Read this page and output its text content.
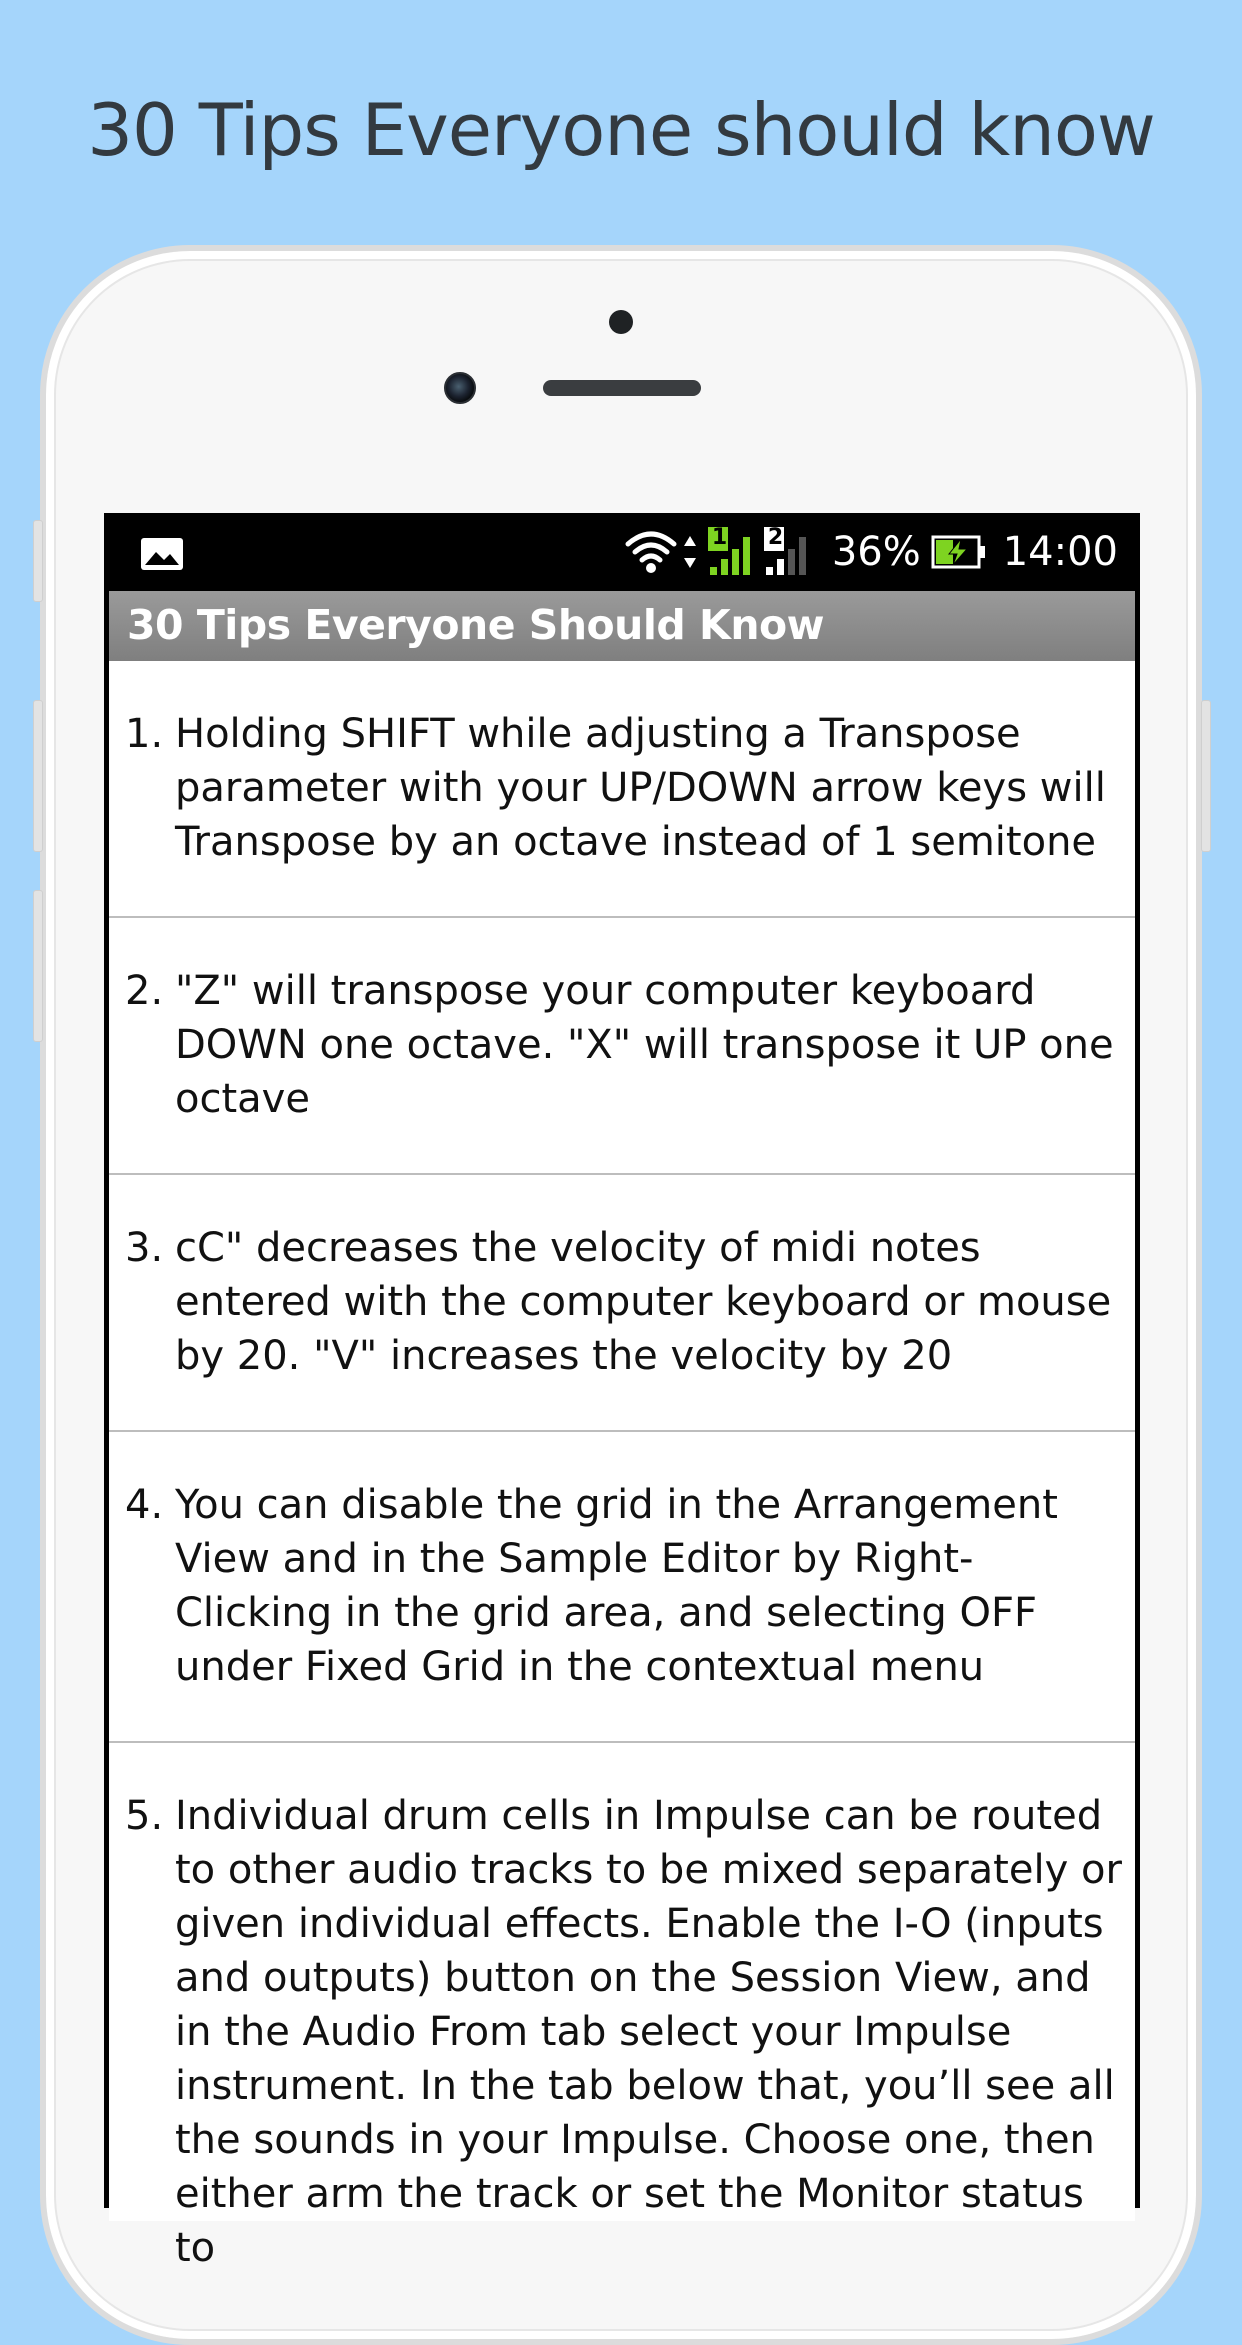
30 Tips Everyone should know
1 2 36% 14:00
30 Tips Everyone Should Know
1. Holding SHIFT while adjusting a Transpose parameter with your UP/DOWN arrow keys will Transpose by an octave instead of 1 semitone
2. "Z" will transpose your computer keyboard DOWN one octave. "X" will transpose it UP one octave
3. cC" decreases the velocity of midi notes entered with the computer keyboard or mouse by 20. "V" increases the velocity by 20
4. You can disable the grid in the Arrangement View and in the Sample Editor by Right-Clicking in the grid area, and selecting OFF under Fixed Grid in the contextual menu
5. Individual drum cells in Impulse can be routed to other audio tracks to be mixed separately or given individual effects. Enable the I-O (inputs and outputs) button on the Session View, and in the Audio From tab select your Impulse instrument. In the tab below that, you’ll see all the sounds in your Impulse. Choose one, then either arm the track or set the Monitor status to
